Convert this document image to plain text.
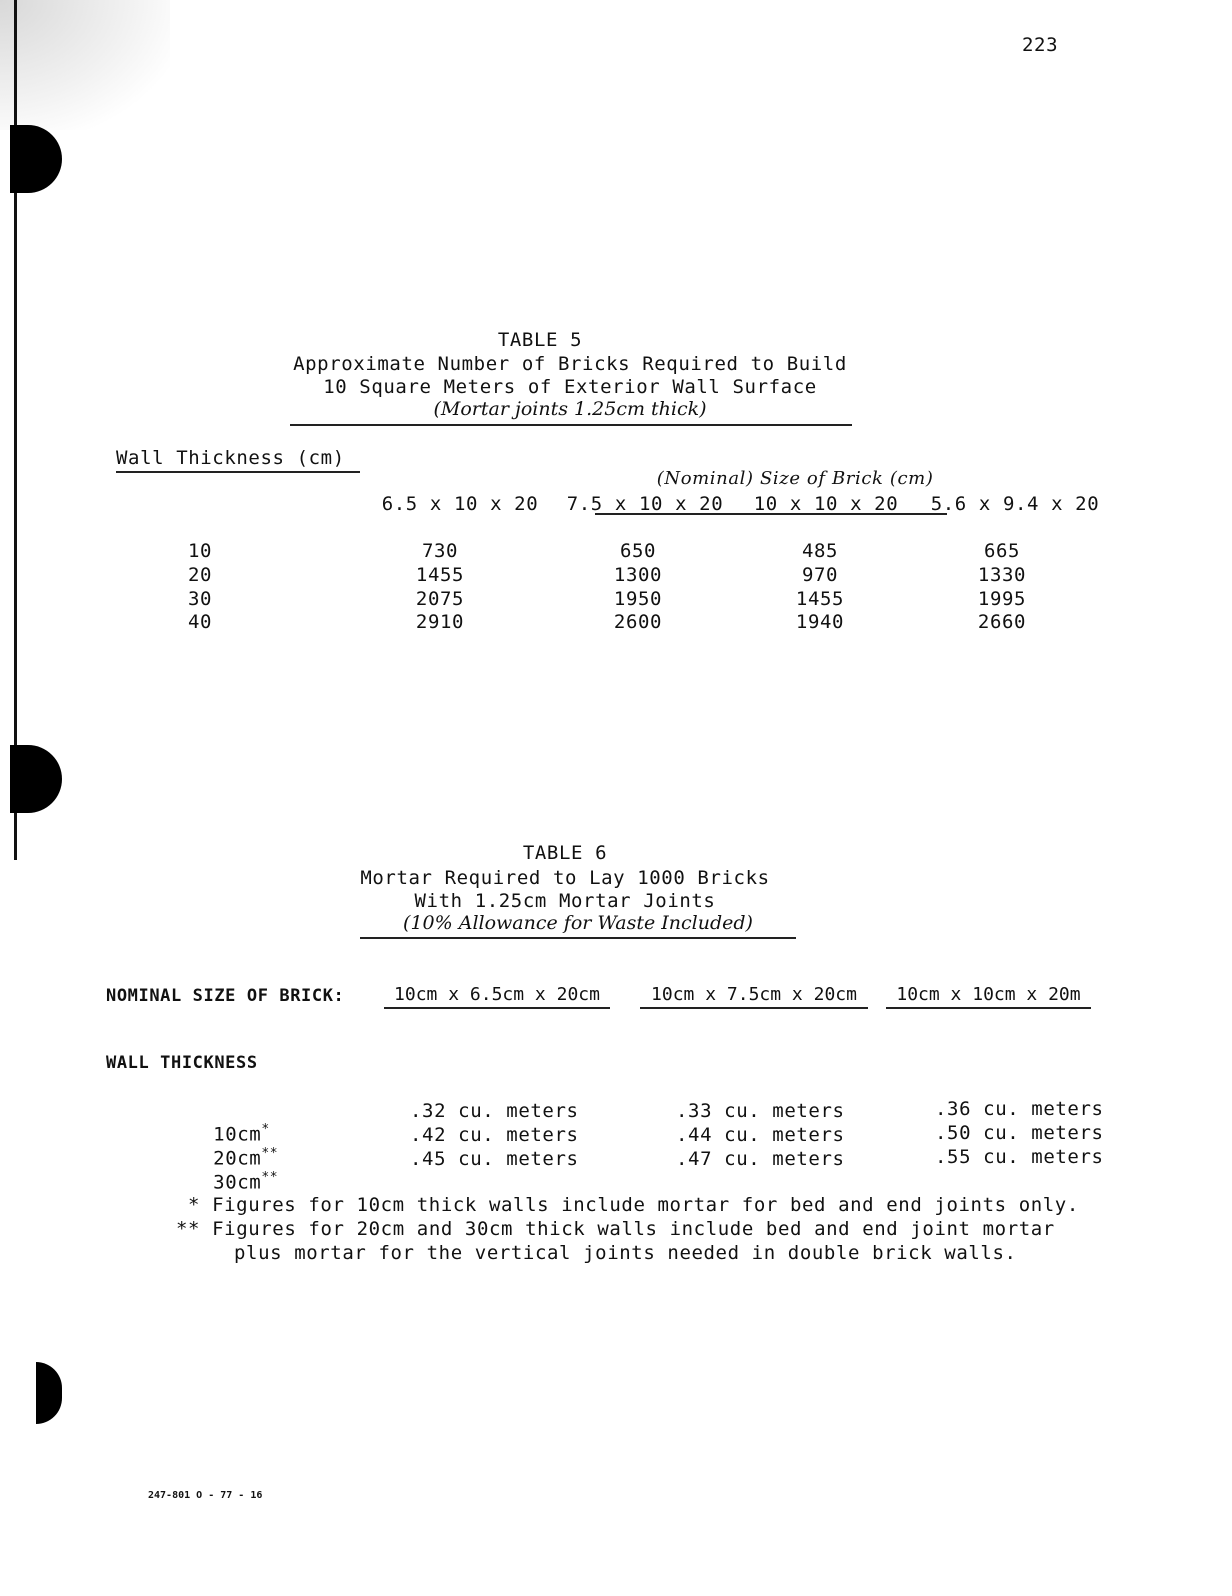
223
TABLE 5
Approximate Number of Bricks Required to Build
10 Square Meters of Exterior Wall Surface
(Mortar joints 1.25cm thick)
Wall Thickness (cm)

(Nominal) Size of Brick (cm)

6.5 x 10 x 20	7.5 x 10 x 20	10 x 10 x 20	5.6 x 9.4 x 20
10	730	650	485	665
20	1455	1300	970	1330
30	2075	1950	1455	1995
40	2910	2600	1940	2660
TABLE 6
Mortar Required to Lay 1000 Bricks
With 1.25cm Mortar Joints
(10% Allowance for Waste Included)
NOMINAL SIZE OF BRICK:	10cm x 6.5cm x 20cm	10cm x 7.5cm x 20cm	10cm x 10cm x 20m
WALL THICKNESS

10cm*

.32 cu. meters	.33 cu. meters	.36 cu. meters

20cm**

.42 cu. meters	.44 cu. meters	.50 cu. meters

30cm**

.45 cu. meters	.47 cu. meters	.55 cu. meters
* Figures for 10cm thick walls include mortar for bed and end joints only.
** Figures for 20cm and 30cm thick walls include bed and end joint mortar
plus mortar for the vertical joints needed in double brick walls.
247-801 O - 77 - 16
